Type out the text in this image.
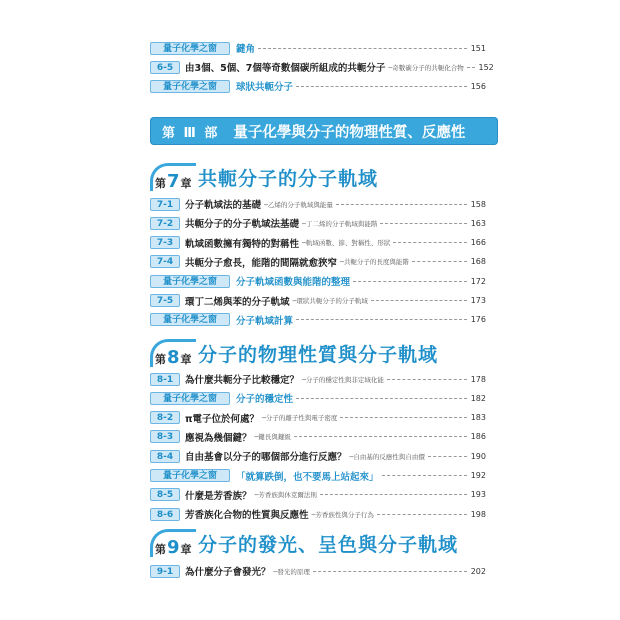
量子化學之窗	鍵角	151
6-5	由3個、5個、7個等奇數個碳所組成的共軛分子 ─奇數碳分子的共軛化合物 152
量子化學之窗	球狀共軛分子	156
第 Ⅲ 部 量子化學與分子的物理性質、反應性
第 7 章 共軛分子的分子軌域
7-1	分子軌域法的基礎 ─乙烯的分子軌域與能量	158
7-2	共軛分子的分子軌域法基礎 ─丁二烯的分子軌域與能階	163
7-3	軌域函數擁有獨特的對稱性 ─軌域函數、節、對稱性、形狀	166
7-4	共軛分子愈長，能階的間隔就愈狹窄 ─共軛分子的長度與能階	168
量子化學之窗	分子軌域函數與能階的整理	172
7-5	環丁二烯與苯的分子軌域 ─環狀共軛分子的分子軌域	173
量子化學之窗	分子軌域計算	176
第 8 章 分子的物理性質與分子軌域
8-1	為什麼共軛分子比較穩定？ ─分子的穩定性與非定域化能	178
量子化學之窗	分子的穩定性	182
8-2	π電子位於何處？ ─分子的離子性與電子密度	183
8-3	應視為幾個鍵？ ─鍵長與鍵級	186
8-4	自由基會以分子的哪個部分進行反應？ ─自由基的反應性與自由價	190
量子化學之窗	「就算跌倒，也不要馬上站起來」	192
8-5	什麼是芳香族？ ─芳香族與休克爾法則	193
8-6	芳香族化合物的性質與反應性 ─芳香族性與分子行為	198
第 9 章 分子的發光、呈色與分子軌域
9-1	為什麼分子會發光？ ─發光的原理	202
